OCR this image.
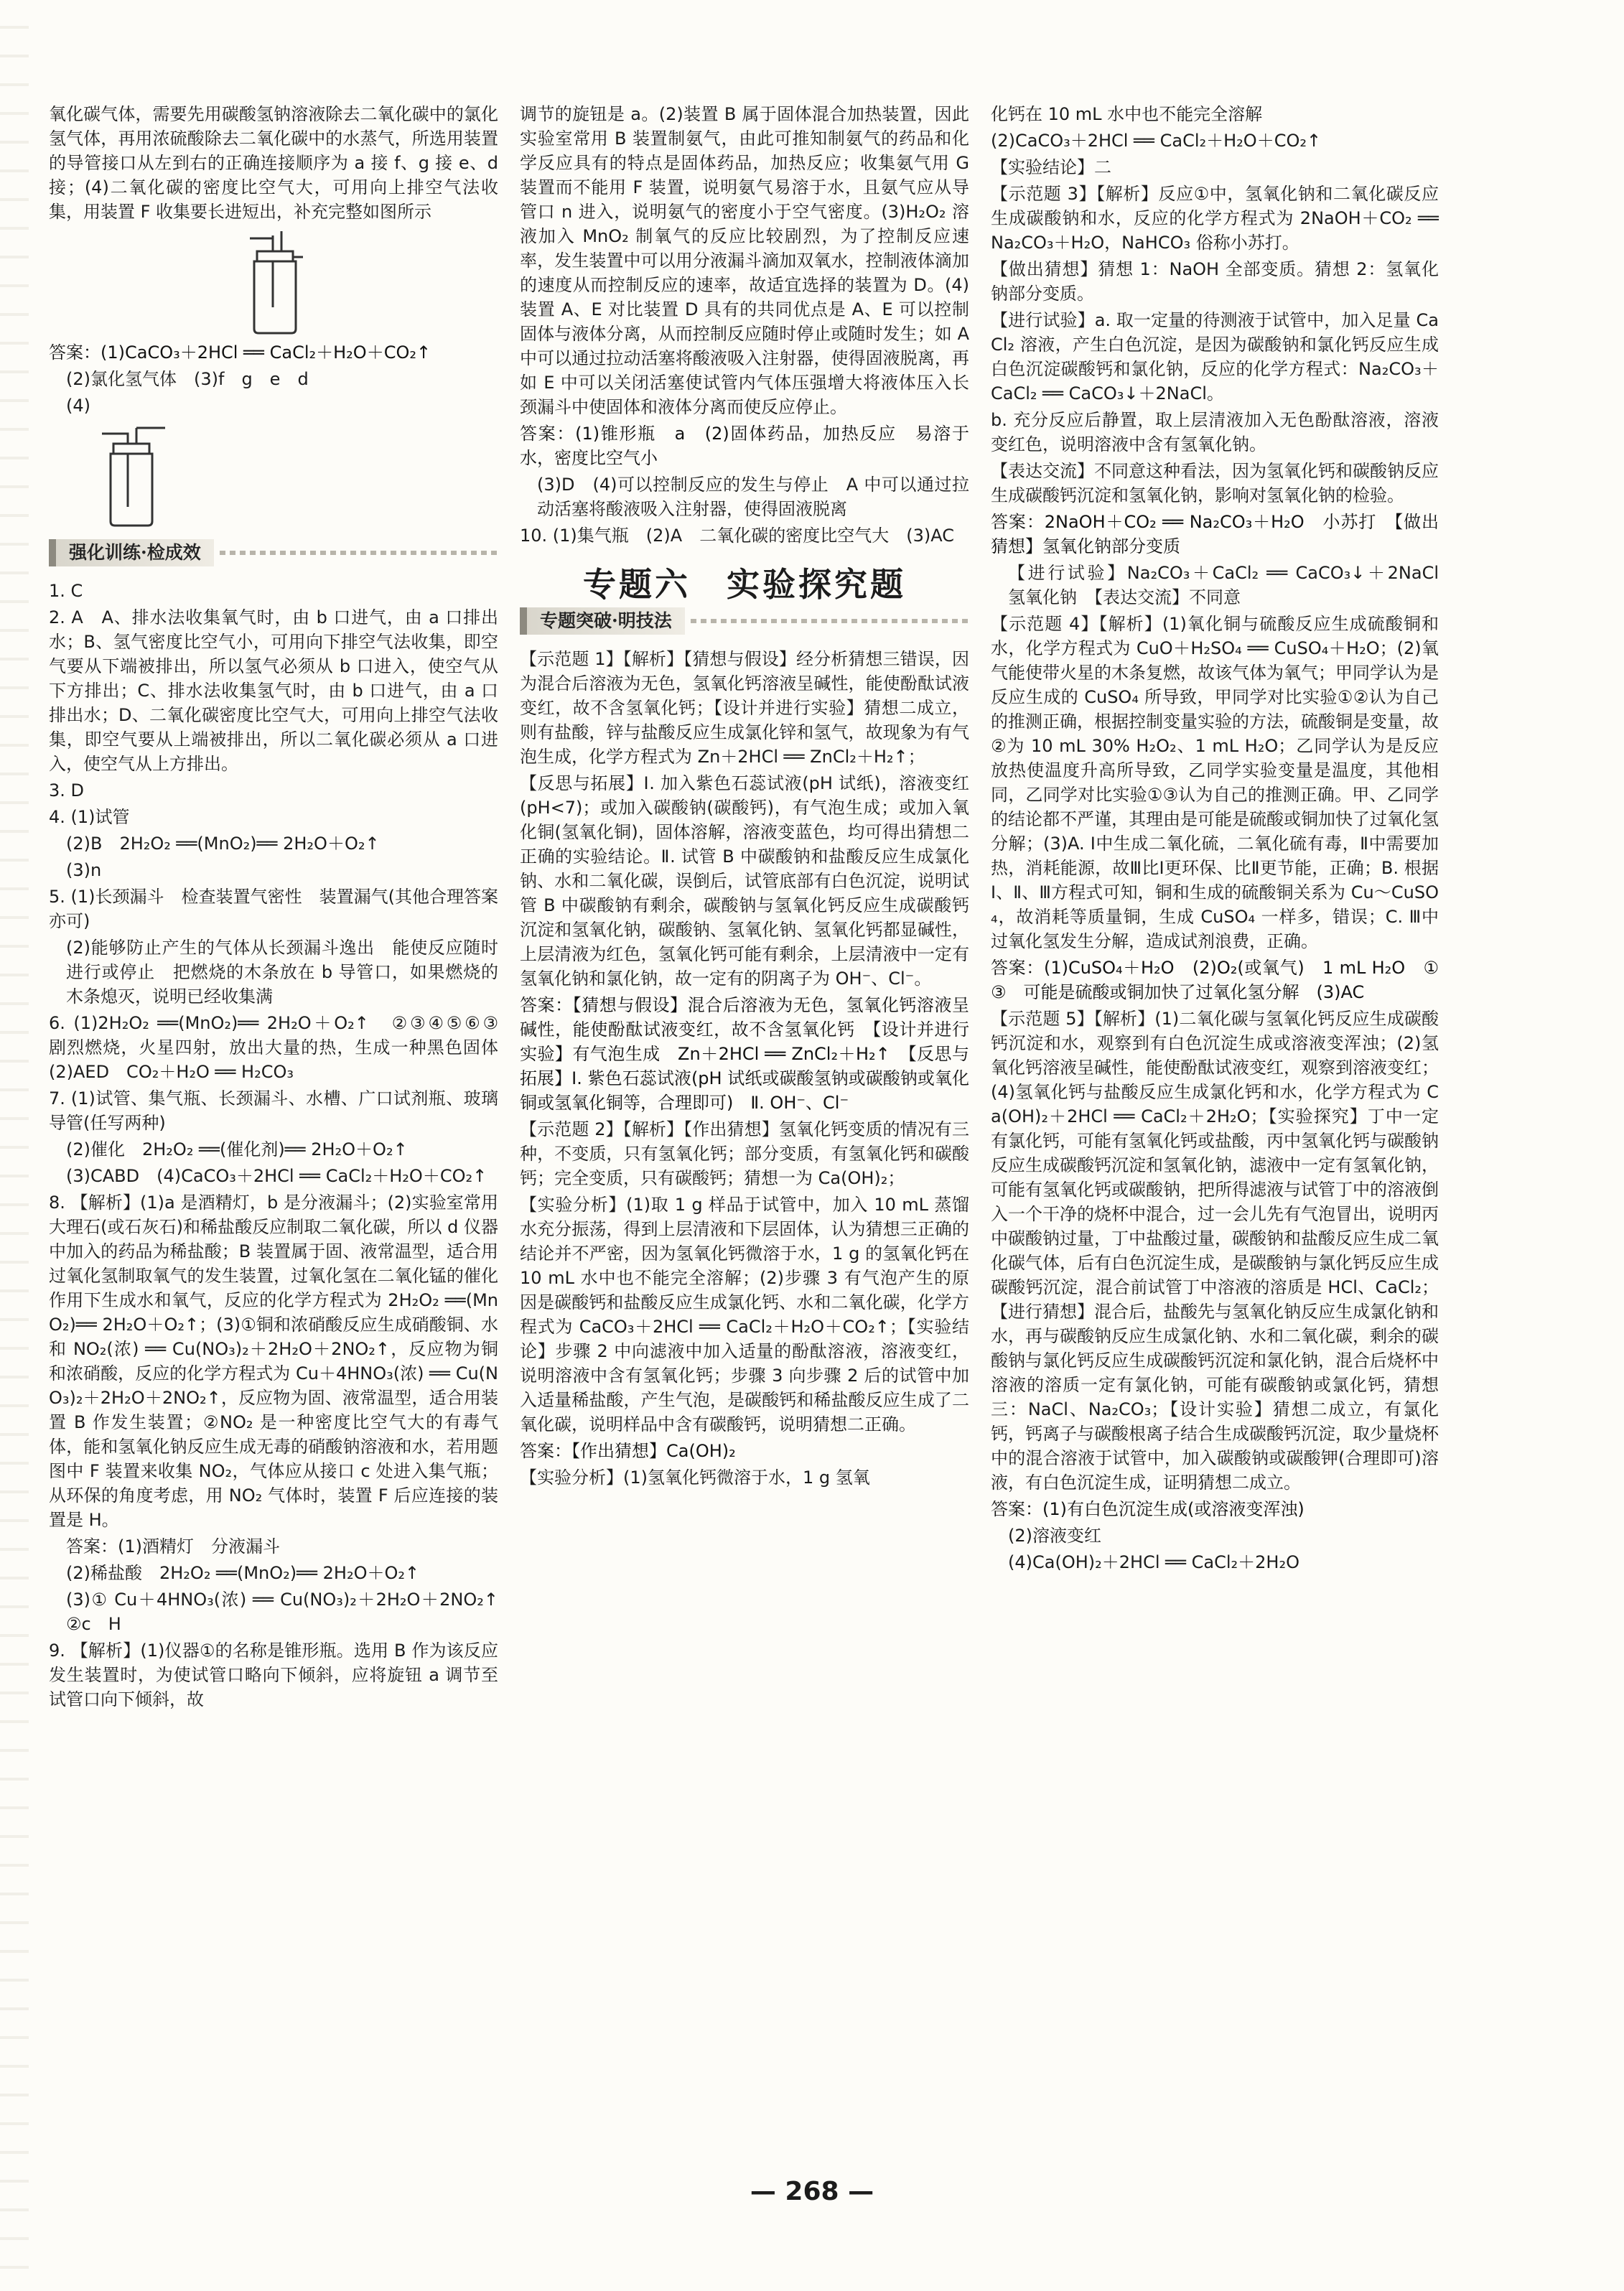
氧化碳气体，需要先用碳酸氢钠溶液除去二氧化碳中的氯化氢气体，再用浓硫酸除去二氧化碳中的水蒸气，所选用装置的导管接口从左到右的正确连接顺序为 a 接 f、g 接 e、d 接；(4)二氧化碳的密度比空气大，可用向上排空气法收集，用装置 F 收集要长进短出，补充完整如图所示

答案：(1)CaCO₃＋2HCl ══ CaCl₂＋H₂O＋CO₂↑

(2)氯化氢气体　(3)f　g　e　d

(4)

强化训练·检成效

1. C

2. A　A、排水法收集氧气时，由 b 口进气，由 a 口排出水；B、氢气密度比空气小，可用向下排空气法收集，即空气要从下端被排出，所以氢气必须从 b 口进入，使空气从下方排出；C、排水法收集氢气时，由 b 口进气，由 a 口排出水；D、二氧化碳密度比空气大，可用向上排空气法收集，即空气要从上端被排出，所以二氧化碳必须从 a 口进入，使空气从上方排出。

3. D

4. (1)试管

(2)B　2H₂O₂ ══(MnO₂)══ 2H₂O＋O₂↑

(3)n

5. (1)长颈漏斗　检查装置气密性　装置漏气(其他合理答案亦可)

(2)能够防止产生的气体从长颈漏斗逸出　能使反应随时进行或停止　把燃烧的木条放在 b 导管口，如果燃烧的木条熄灭，说明已经收集满

6. (1)2H₂O₂ ══(MnO₂)══ 2H₂O＋O₂↑　②③④⑤⑥③　剧烈燃烧，火星四射，放出大量的热，生成一种黑色固体　(2)AED　CO₂＋H₂O ══ H₂CO₃

7. (1)试管、集气瓶、长颈漏斗、水槽、广口试剂瓶、玻璃导管(任写两种)

(2)催化　2H₂O₂ ══(催化剂)══ 2H₂O＋O₂↑

(3)CABD　(4)CaCO₃＋2HCl ══ CaCl₂＋H₂O＋CO₂↑

8. 【解析】(1)a 是酒精灯，b 是分液漏斗；(2)实验室常用大理石(或石灰石)和稀盐酸反应制取二氧化碳，所以 d 仪器中加入的药品为稀盐酸；B 装置属于固、液常温型，适合用过氧化氢制取氧气的发生装置，过氧化氢在二氧化锰的催化作用下生成水和氧气，反应的化学方程式为 2H₂O₂ ══(MnO₂)══ 2H₂O＋O₂↑；(3)①铜和浓硝酸反应生成硝酸铜、水和 NO₂(浓) ══ Cu(NO₃)₂＋2H₂O＋2NO₂↑，反应物为铜和浓硝酸，反应的化学方程式为 Cu＋4HNO₃(浓) ══ Cu(NO₃)₂＋2H₂O＋2NO₂↑，反应物为固、液常温型，适合用装置 B 作发生装置；②NO₂ 是一种密度比空气大的有毒气体，能和氢氧化钠反应生成无毒的硝酸钠溶液和水，若用题图中 F 装置来收集 NO₂，气体应从接口 c 处进入集气瓶；从环保的角度考虑，用 NO₂ 气体时，装置 F 后应连接的装置是 H。

答案：(1)酒精灯　分液漏斗

(2)稀盐酸　2H₂O₂ ══(MnO₂)══ 2H₂O＋O₂↑

(3)① Cu＋4HNO₃(浓) ══ Cu(NO₃)₂＋2H₂O＋2NO₂↑　②c　H

9. 【解析】(1)仪器①的名称是锥形瓶。选用 B 作为该反应发生装置时，为使试管口略向下倾斜，应将旋钮 a 调节至试管口向下倾斜，故

调节的旋钮是 a。(2)装置 B 属于固体混合加热装置，因此实验室常用 B 装置制氨气，由此可推知制氨气的药品和化学反应具有的特点是固体药品，加热反应；收集氨气用 G 装置而不能用 F 装置，说明氨气易溶于水，且氨气应从导管口 n 进入，说明氨气的密度小于空气密度。(3)H₂O₂ 溶液加入 MnO₂ 制氧气的反应比较剧烈，为了控制反应速率，发生装置中可以用分液漏斗滴加双氧水，控制液体滴加的速度从而控制反应的速率，故适宜选择的装置为 D。(4)装置 A、E 对比装置 D 具有的共同优点是 A、E 可以控制固体与液体分离，从而控制反应随时停止或随时发生；如 A 中可以通过拉动活塞将酸液吸入注射器，使得固液脱离，再如 E 中可以关闭活塞使试管内气体压强增大将液体压入长颈漏斗中使固体和液体分离而使反应停止。

答案：(1)锥形瓶　a　(2)固体药品，加热反应　易溶于水，密度比空气小

(3)D　(4)可以控制反应的发生与停止　A 中可以通过拉动活塞将酸液吸入注射器，使得固液脱离

10. (1)集气瓶　(2)A　二氧化碳的密度比空气大　(3)AC

专题六　实验探究题
专题突破·明技法

【示范题 1】【解析】【猜想与假设】经分析猜想三错误，因为混合后溶液为无色，氢氧化钙溶液呈碱性，能使酚酞试液变红，故不含氢氧化钙；【设计并进行实验】猜想二成立，则有盐酸，锌与盐酸反应生成氯化锌和氢气，故现象为有气泡生成，化学方程式为 Zn＋2HCl ══ ZnCl₂＋H₂↑；

【反思与拓展】Ⅰ. 加入紫色石蕊试液(pH 试纸)，溶液变红(pH<7)；或加入碳酸钠(碳酸钙)，有气泡生成；或加入氧化铜(氢氧化铜)，固体溶解，溶液变蓝色，均可得出猜想二正确的实验结论。Ⅱ. 试管 B 中碳酸钠和盐酸反应生成氯化钠、水和二氧化碳，误倒后，试管底部有白色沉淀，说明试管 B 中碳酸钠有剩余，碳酸钠与氢氧化钙反应生成碳酸钙沉淀和氢氧化钠，碳酸钠、氢氧化钠、氢氧化钙都显碱性，上层清液为红色，氢氧化钙可能有剩余，上层清液中一定有氢氧化钠和氯化钠，故一定有的阴离子为 OH⁻、Cl⁻。

答案：【猜想与假设】混合后溶液为无色，氢氧化钙溶液呈碱性，能使酚酞试液变红，故不含氢氧化钙　【设计并进行实验】有气泡生成　Zn＋2HCl ══ ZnCl₂＋H₂↑　【反思与拓展】Ⅰ. 紫色石蕊试液(pH 试纸或碳酸氢钠或碳酸钠或氧化铜或氢氧化铜等，合理即可)　Ⅱ. OH⁻、Cl⁻

【示范题 2】【解析】【作出猜想】氢氧化钙变质的情况有三种，不变质，只有氢氧化钙；部分变质，有氢氧化钙和碳酸钙；完全变质，只有碳酸钙；猜想一为 Ca(OH)₂；

【实验分析】(1)取 1 g 样品于试管中，加入 10 mL 蒸馏水充分振荡，得到上层清液和下层固体，认为猜想三正确的结论并不严密，因为氢氧化钙微溶于水，1 g 的氢氧化钙在 10 mL 水中也不能完全溶解；(2)步骤 3 有气泡产生的原因是碳酸钙和盐酸反应生成氯化钙、水和二氧化碳，化学方程式为 CaCO₃＋2HCl ══ CaCl₂＋H₂O＋CO₂↑；【实验结论】步骤 2 中向滤液中加入适量的酚酞溶液，溶液变红，说明溶液中含有氢氧化钙；步骤 3 向步骤 2 后的试管中加入适量稀盐酸，产生气泡，是碳酸钙和稀盐酸反应生成了二氧化碳，说明样品中含有碳酸钙，说明猜想二正确。

答案：【作出猜想】Ca(OH)₂

【实验分析】(1)氢氧化钙微溶于水，1 g 氢氧

化钙在 10 mL 水中也不能完全溶解

(2)CaCO₃＋2HCl ══ CaCl₂＋H₂O＋CO₂↑

【实验结论】二

【示范题 3】【解析】反应①中，氢氧化钠和二氧化碳反应生成碳酸钠和水，反应的化学方程式为 2NaOH＋CO₂ ══ Na₂CO₃＋H₂O，NaHCO₃ 俗称小苏打。

【做出猜想】猜想 1：NaOH 全部变质。猜想 2：氢氧化钠部分变质。

【进行试验】a. 取一定量的待测液于试管中，加入足量 CaCl₂ 溶液，产生白色沉淀，是因为碳酸钠和氯化钙反应生成白色沉淀碳酸钙和氯化钠，反应的化学方程式：Na₂CO₃＋CaCl₂ ══ CaCO₃↓＋2NaCl。

b. 充分反应后静置，取上层清液加入无色酚酞溶液，溶液变红色，说明溶液中含有氢氧化钠。

【表达交流】不同意这种看法，因为氢氧化钙和碳酸钠反应生成碳酸钙沉淀和氢氧化钠，影响对氢氧化钠的检验。

答案：2NaOH＋CO₂ ══ Na₂CO₃＋H₂O　小苏打　【做出猜想】氢氧化钠部分变质

【进行试验】Na₂CO₃＋CaCl₂ ══ CaCO₃↓＋2NaCl　氢氧化钠　【表达交流】不同意

【示范题 4】【解析】(1)氧化铜与硫酸反应生成硫酸铜和水，化学方程式为 CuO＋H₂SO₄ ══ CuSO₄＋H₂O；(2)氧气能使带火星的木条复燃，故该气体为氧气；甲同学认为是反应生成的 CuSO₄ 所导致，甲同学对比实验①②认为自己的推测正确，根据控制变量实验的方法，硫酸铜是变量，故②为 10 mL 30% H₂O₂、1 mL H₂O；乙同学认为是反应放热使温度升高所导致，乙同学实验变量是温度，其他相同，乙同学对比实验①③认为自己的推测正确。甲、乙同学的结论都不严谨，其理由是可能是硫酸或铜加快了过氧化氢分解；(3)A. Ⅰ中生成二氧化硫，二氧化硫有毒，Ⅱ中需要加热，消耗能源，故Ⅲ比Ⅰ更环保、比Ⅱ更节能，正确；B. 根据Ⅰ、Ⅱ、Ⅲ方程式可知，铜和生成的硫酸铜关系为 Cu～CuSO₄，故消耗等质量铜，生成 CuSO₄ 一样多，错误；C. Ⅲ中过氧化氢发生分解，造成试剂浪费，正确。

答案：(1)CuSO₄＋H₂O　(2)O₂(或氧气)　1 mL H₂O　①③　可能是硫酸或铜加快了过氧化氢分解　(3)AC

【示范题 5】【解析】(1)二氧化碳与氢氧化钙反应生成碳酸钙沉淀和水，观察到有白色沉淀生成或溶液变浑浊；(2)氢氧化钙溶液呈碱性，能使酚酞试液变红，观察到溶液变红；(4)氢氧化钙与盐酸反应生成氯化钙和水，化学方程式为 Ca(OH)₂＋2HCl ══ CaCl₂＋2H₂O；【实验探究】丁中一定有氯化钙，可能有氢氧化钙或盐酸，丙中氢氧化钙与碳酸钠反应生成碳酸钙沉淀和氢氧化钠，滤液中一定有氢氧化钠，可能有氢氧化钙或碳酸钠，把所得滤液与试管丁中的溶液倒入一个干净的烧杯中混合，过一会儿先有气泡冒出，说明丙中碳酸钠过量，丁中盐酸过量，碳酸钠和盐酸反应生成二氧化碳气体，后有白色沉淀生成，是碳酸钠与氯化钙反应生成碳酸钙沉淀，混合前试管丁中溶液的溶质是 HCl、CaCl₂；【进行猜想】混合后，盐酸先与氢氧化钠反应生成氯化钠和水，再与碳酸钠反应生成氯化钠、水和二氧化碳，剩余的碳酸钠与氯化钙反应生成碳酸钙沉淀和氯化钠，混合后烧杯中溶液的溶质一定有氯化钠，可能有碳酸钠或氯化钙，猜想三：NaCl、Na₂CO₃；【设计实验】猜想二成立，有氯化钙，钙离子与碳酸根离子结合生成碳酸钙沉淀，取少量烧杯中的混合溶液于试管中，加入碳酸钠或碳酸钾(合理即可)溶液，有白色沉淀生成，证明猜想二成立。

答案：(1)有白色沉淀生成(或溶液变浑浊)

(2)溶液变红

(4)Ca(OH)₂＋2HCl ══ CaCl₂＋2H₂O

— 268 —
